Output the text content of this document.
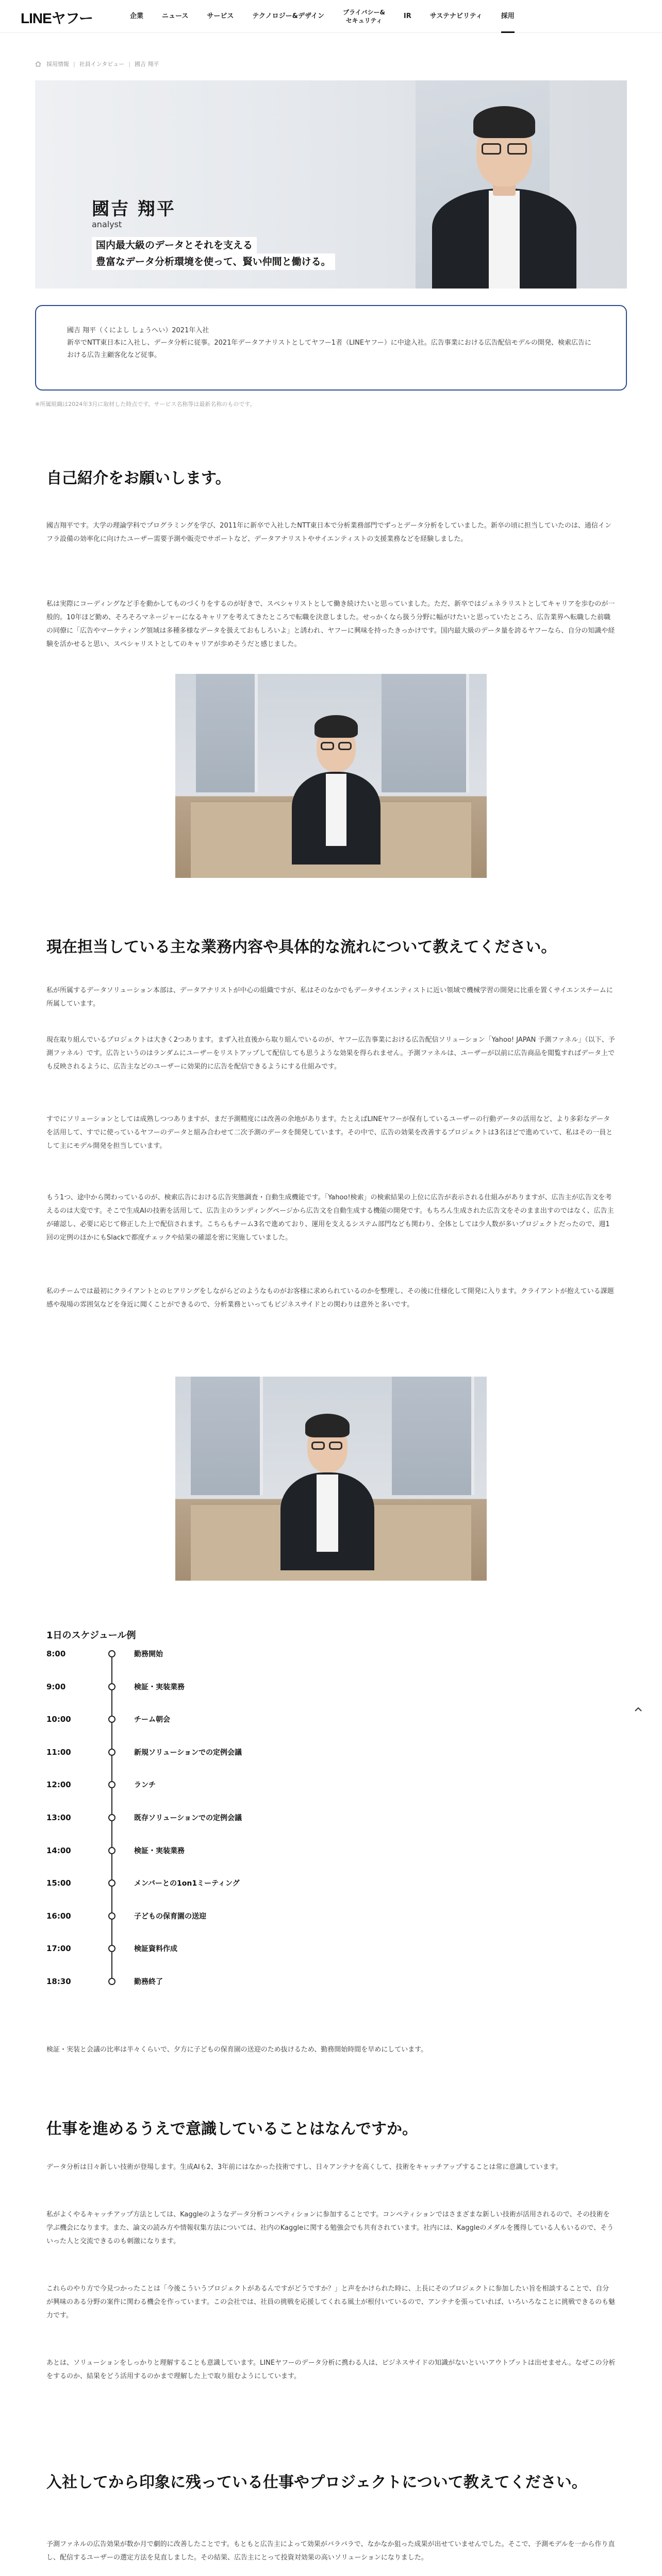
LINEヤフー	企業	ニュース	サービス	テクノロジー&デザイン	プライバシー&
セキュリティ
IR	サステナビリティ	採用
採用情報 | 社員インタビュー | 國吉 翔平
國吉 翔平
analyst
国内最大級のデータとそれを支える
豊富なデータ分析環境を使って、賢い仲間と働ける。
國吉 翔平（くによし しょうへい）2021年入社
新卒でNTT東日本に入社し、データ分析に従事。2021年データアナリストとしてヤフー1者（LINEヤフー）に中途入社。広告事業における広告配信モデルの開発、検索広告における広告主顧客化など従事。
※所属組織は2024年3月に取材した時点です。サービス名称等は最新名称のものです。
自己紹介をお願いします。

國吉翔平です。大学の理論学科でプログラミングを学び、2011年に新卒で入社したNTT東日本で分析業務部門でずっとデータ分析をしていました。新卒の頃に担当していたのは、通信インフラ設備の効率化に向けたユーザー需要予測や販売でサポートなど、データアナリストやサイエンティストの支援業務などを経験しました。

私は実際にコーディングなど手を動かしてものづくりをするのが好きで、スペシャリストとして働き続けたいと思っていました。ただ、新卒ではジェネラリストとしてキャリアを歩むのが一般的。10年ほど勤め、そろそろマネージャーになるキャリアを考えてきたところで転職を決意しました。せっかくなら扱う分野に幅がけたいと思っていたところ、広告業界へ転職した前職の同僚に「広告やマーケティング領域は多種多様なデータを扱えておもしろいよ」と誘われ、ヤフーに興味を持ったきっかけです。国内最大級のデータ量を誇るヤフーなら、自分の知識や経験を活かせると思い、スペシャリストとしてのキャリアが歩めそうだと感じました。

現在担当している主な業務内容や具体的な流れについて教えてください。

私が所属するデータソリューション本部は、データアナリストが中心の組織ですが、私はそのなかでもデータサイエンティストに近い領域で機械学習の開発に比重を置くサイエンスチームに所属しています。

現在取り組んでいるプロジェクトは大きく2つあります。まず入社直後から取り組んでいるのが、ヤフー広告事業における広告配信ソリューション「Yahoo! JAPAN 予測ファネル」（以下、予測ファネル）です。広告というのはランダムにユーザーをリストアップして配信しても思うような効果を得られません。予測ファネルは、ユーザーが以前に広告商品を閲覧すればデータ上でも反映されるように、広告主などのユーザーに効果的に広告を配信できるようにする仕組みです。

すでにソリューションとしては成熟しつつありますが、まだ予測精度には改善の余地があります。たとえばLINEヤフーが保有しているユーザーの行動データの活用など、より多彩なデータを活用して、すでに使っているヤフーのデータと組み合わせて二次予測のデータを開発しています。その中で、広告の効果を改善するプロジェクトは3名ほどで進めていて、私はその一員として主にモデル開発を担当しています。

もう1つ、途中から関わっているのが、検索広告における広告実態調査・自動生成機能です。「Yahoo!検索」の検索結果の上位に広告が表示される仕組みがありますが、広告主が広告文を考えるのは大変です。そこで生成AIの技術を活用して、広告主のランディングページから広告文を自動生成する機能の開発です。もちろん生成された広告文をそのまま出すのではなく、広告主が確認し、必要に応じて修正した上で配信されます。こちらもチーム3名で進めており、運用を支えるシステム部門なども関わり、全体としては少人数が多いプロジェクトだったので、週1回の定例のほかにもSlackで都度チェックや結果の確認を密に実施していました。

私のチームでは最初にクライアントとのヒアリングをしながらどのようなものがお客様に求められているのかを整理し、その後に仕様化して開発に入ります。クライアントが抱えている課題感や現場の雰囲気などを身近に聞くことができるので、分析業務といってもビジネスサイドとの関わりは意外と多いです。

1日のスケジュール例
8:00	勤務開始
9:00	検証・実装業務
10:00	チーム朝会
11:00	新規ソリューションでの定例会議
12:00	ランチ
13:00	既存ソリューションでの定例会議
14:00	検証・実装業務
15:00	メンバーとの1on1ミーティング
16:00	子どもの保育園の送迎
17:00	検証資料作成
18:30	勤務終了

検証・実装と会議の比率は半々くらいで、夕方に子どもの保育園の送迎のため抜けるため、勤務開始時間を早めにしています。

仕事を進めるうえで意識していることはなんですか。

データ分析は日々新しい技術が登場します。生成AIも2、3年前にはなかった技術ですし、日々アンテナを高くして、技術をキャッチアップすることは常に意識しています。

私がよくやるキャッチアップ方法としては、Kaggleのようなデータ分析コンペティションに参加することです。コンペティションではさまざまな新しい技術が活用されるので、その技術を学ぶ機会になります。また、論文の読み方や情報収集方法については、社内のKaggleに関する勉強会でも共有されています。社内には、Kaggleのメダルを獲得している人もいるので、そういった人と交流できるのも刺激になります。

これらのやり方で今見つかったことは「今後こういうプロジェクトがあるんですがどうですか？」と声をかけられた時に、上長にそのプロジェクトに参加したい旨を相談することで、自分が興味のある分野の案件に関わる機会を作っています。この会社では、社員の挑戦を応援してくれる風土が根付いているので、アンテナを張っていれば、いろいろなことに挑戦できるのも魅力です。

あとは、ソリューションをしっかりと理解することも意識しています。LINEヤフーのデータ分析に携わる人は、ビジネスサイドの知識がないといいアウトプットは出せません。なぜこの分析をするのか、結果をどう活用するのかまで理解した上で取り組むようにしています。

入社してから印象に残っている仕事やプロジェクトについて教えてください。

予測ファネルの広告効果が数か月で劇的に改善したことです。もともと広告主によって効果がバラバラで、なかなか狙った成果が出せていませんでした。そこで、予測モデルを一から作り直し、配信するユーザーの選定方法を見直しました。その結果、広告主にとって投資対効果の高いソリューションになりました。
